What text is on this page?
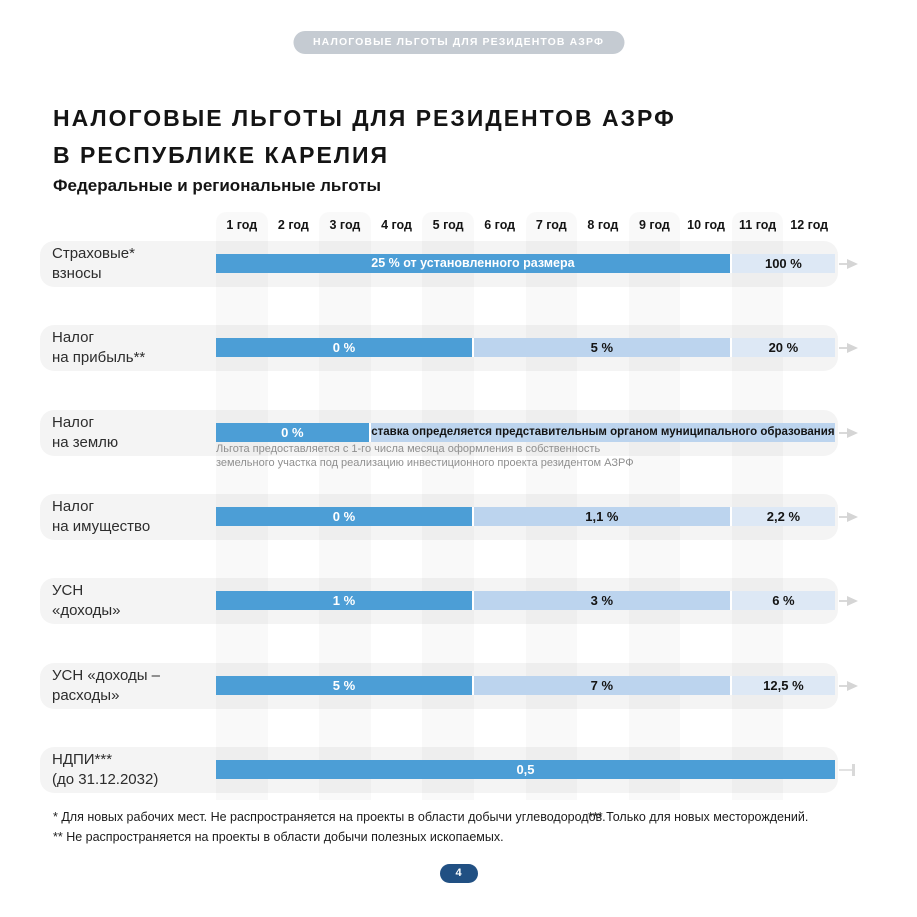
НАЛОГОВЫЕ ЛЬГОТЫ ДЛЯ РЕЗИДЕНТОВ АЗРФ
НАЛОГОВЫЕ ЛЬГОТЫ ДЛЯ РЕЗИДЕНТОВ АЗРФ
В РЕСПУБЛИКЕ КАРЕЛИЯ
Федеральные и региональные льготы
1 год	2 год	3 год	4 год	5 год	6 год	7 год	8 год	9 год	10 год	11 год	12 год
Страховые*
взносы
25 % от установленного размера	100 %
Налог
на прибыль**
0 %	5 %	20 %
Налог
на землю
0 %	ставка определяется представительным органом муниципального образования
Льгота предоставляется с 1-го числа месяца оформления в собственность
земельного участка под реализацию инвестиционного проекта резидентом АЗРФ
Налог
на имущество
0 %	1,1 %	2,2 %
УСН
«доходы»
1 %	3 %	6 %
УСН «доходы –
расходы»
5 %	7 %	12,5 %
НДПИ***
(до 31.12.2032)
0,5
* Для новых рабочих мест. Не распространяется на проекты в области добычи углеводородов.
** Не распространяется на проекты в области добычи полезных ископаемых.
*** Только для новых месторождений.
4
